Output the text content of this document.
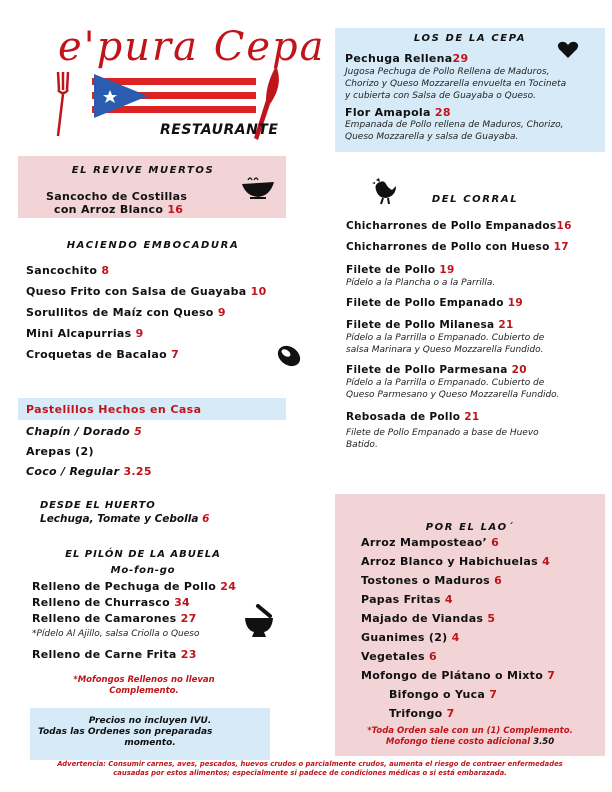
e'pura Cepa
RESTAURANTE
EL REVIVE MUERTOS
Sancocho de Costillas
con Arroz Blanco 16
HACIENDO EMBOCADURA
Sancochito 8
Queso Frito con Salsa de Guayaba 10
Sorullitos de Maíz con Queso 9
Mini Alcapurrias 9
Croquetas de Bacalao 7
Pastelillos Hechos en Casa
Chapín / Dorado 5
Arepas (2)
Coco / Regular 3.25
DESDE EL HUERTO
Lechuga, Tomate y Cebolla 6
EL PILÓN DE LA ABUELA
Mo-fon-go
Relleno de Pechuga de Pollo 24
Relleno de Churrasco 34
Relleno de Camarones 27
*Pídelo Al Ajillo, salsa Criolla o Queso
Relleno de Carne Frita 23
*Mofongos Rellenos no llevan
Complemento.
Precios no incluyen IVU.
Todas las Ordenes son preparadas
momento.
LOS DE LA CEPA
Pechuga Rellena29
Jugosa Pechuga de Pollo Rellena de Maduros,
Chorizo y Queso Mozzarella envuelta en Tocineta
y cubierta con Salsa de Guayaba o Queso.
Flor Amapola 28
Empanada de Pollo rellena de Maduros, Chorizo,
Queso Mozzarella y salsa de Guayaba.
DEL CORRAL
Chicharrones de Pollo Empanados16
Chicharrones de Pollo con Hueso 17
Filete de Pollo 19
Pídelo a la Plancha o a la Parrilla.
Filete de Pollo Empanado 19
Filete de Pollo Milanesa 21
Pídelo a la Parrilla o Empanado. Cubierto de
salsa Marinara y Queso Mozzarella Fundido.
Filete de Pollo Parmesana 20
Pídelo a la Parrilla o Empanado. Cubierto de
Queso Parmesano y Queso Mozzarella Fundido.
Rebosada de Pollo 21
Filete de Pollo Empanado a base de Huevo
Batido.
POR EL LAO´
Arroz Mamposteao’ 6
Arroz Blanco y Habichuelas 4
Tostones o Maduros 6
Papas Fritas 4
Majado de Viandas 5
Guanimes (2) 4
Vegetales 6
Mofongo de Plátano o Mixto 7
Bifongo o Yuca 7
Trifongo 7
*Toda Orden sale con un (1) Complemento.
Mofongo tiene costo adicional 3.50
Advertencia: Consumir carnes, aves, pescados, huevos crudos o parcialmente crudos, aumenta el riesgo de contraer enfermedades
causadas por estos alimentos; especialmente si padece de condiciones médicas o si está embarazada.
